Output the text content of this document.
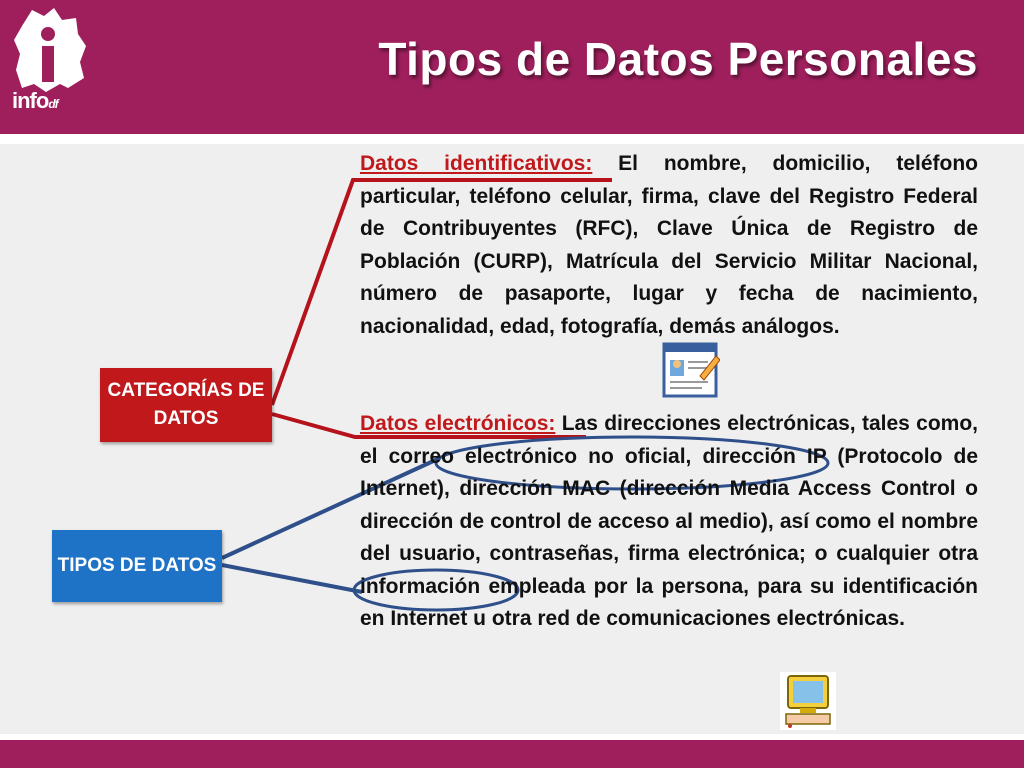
infodf
Tipos de Datos Personales
CATEGORÍAS DE DATOS
TIPOS DE DATOS
Datos identificativos: El nombre, domicilio, teléfono particular, teléfono celular, firma, clave del Registro Federal de Contribuyentes (RFC), Clave Única de Registro de Población (CURP), Matrícula del Servicio Militar Nacional, número de pasaporte, lugar y fecha de nacimiento, nacionalidad, edad, fotografía, demás análogos.
Datos electrónicos: Las direcciones electrónicas, tales como, el correo electrónico no oficial, dirección IP (Protocolo de Internet), dirección MAC (dirección Media Access Control o dirección de control de acceso al medio), así como el nombre del usuario, contraseñas, firma electrónica; o cualquier otra información empleada por la persona, para su identificación en Internet u otra red de comunicaciones electrónicas.
